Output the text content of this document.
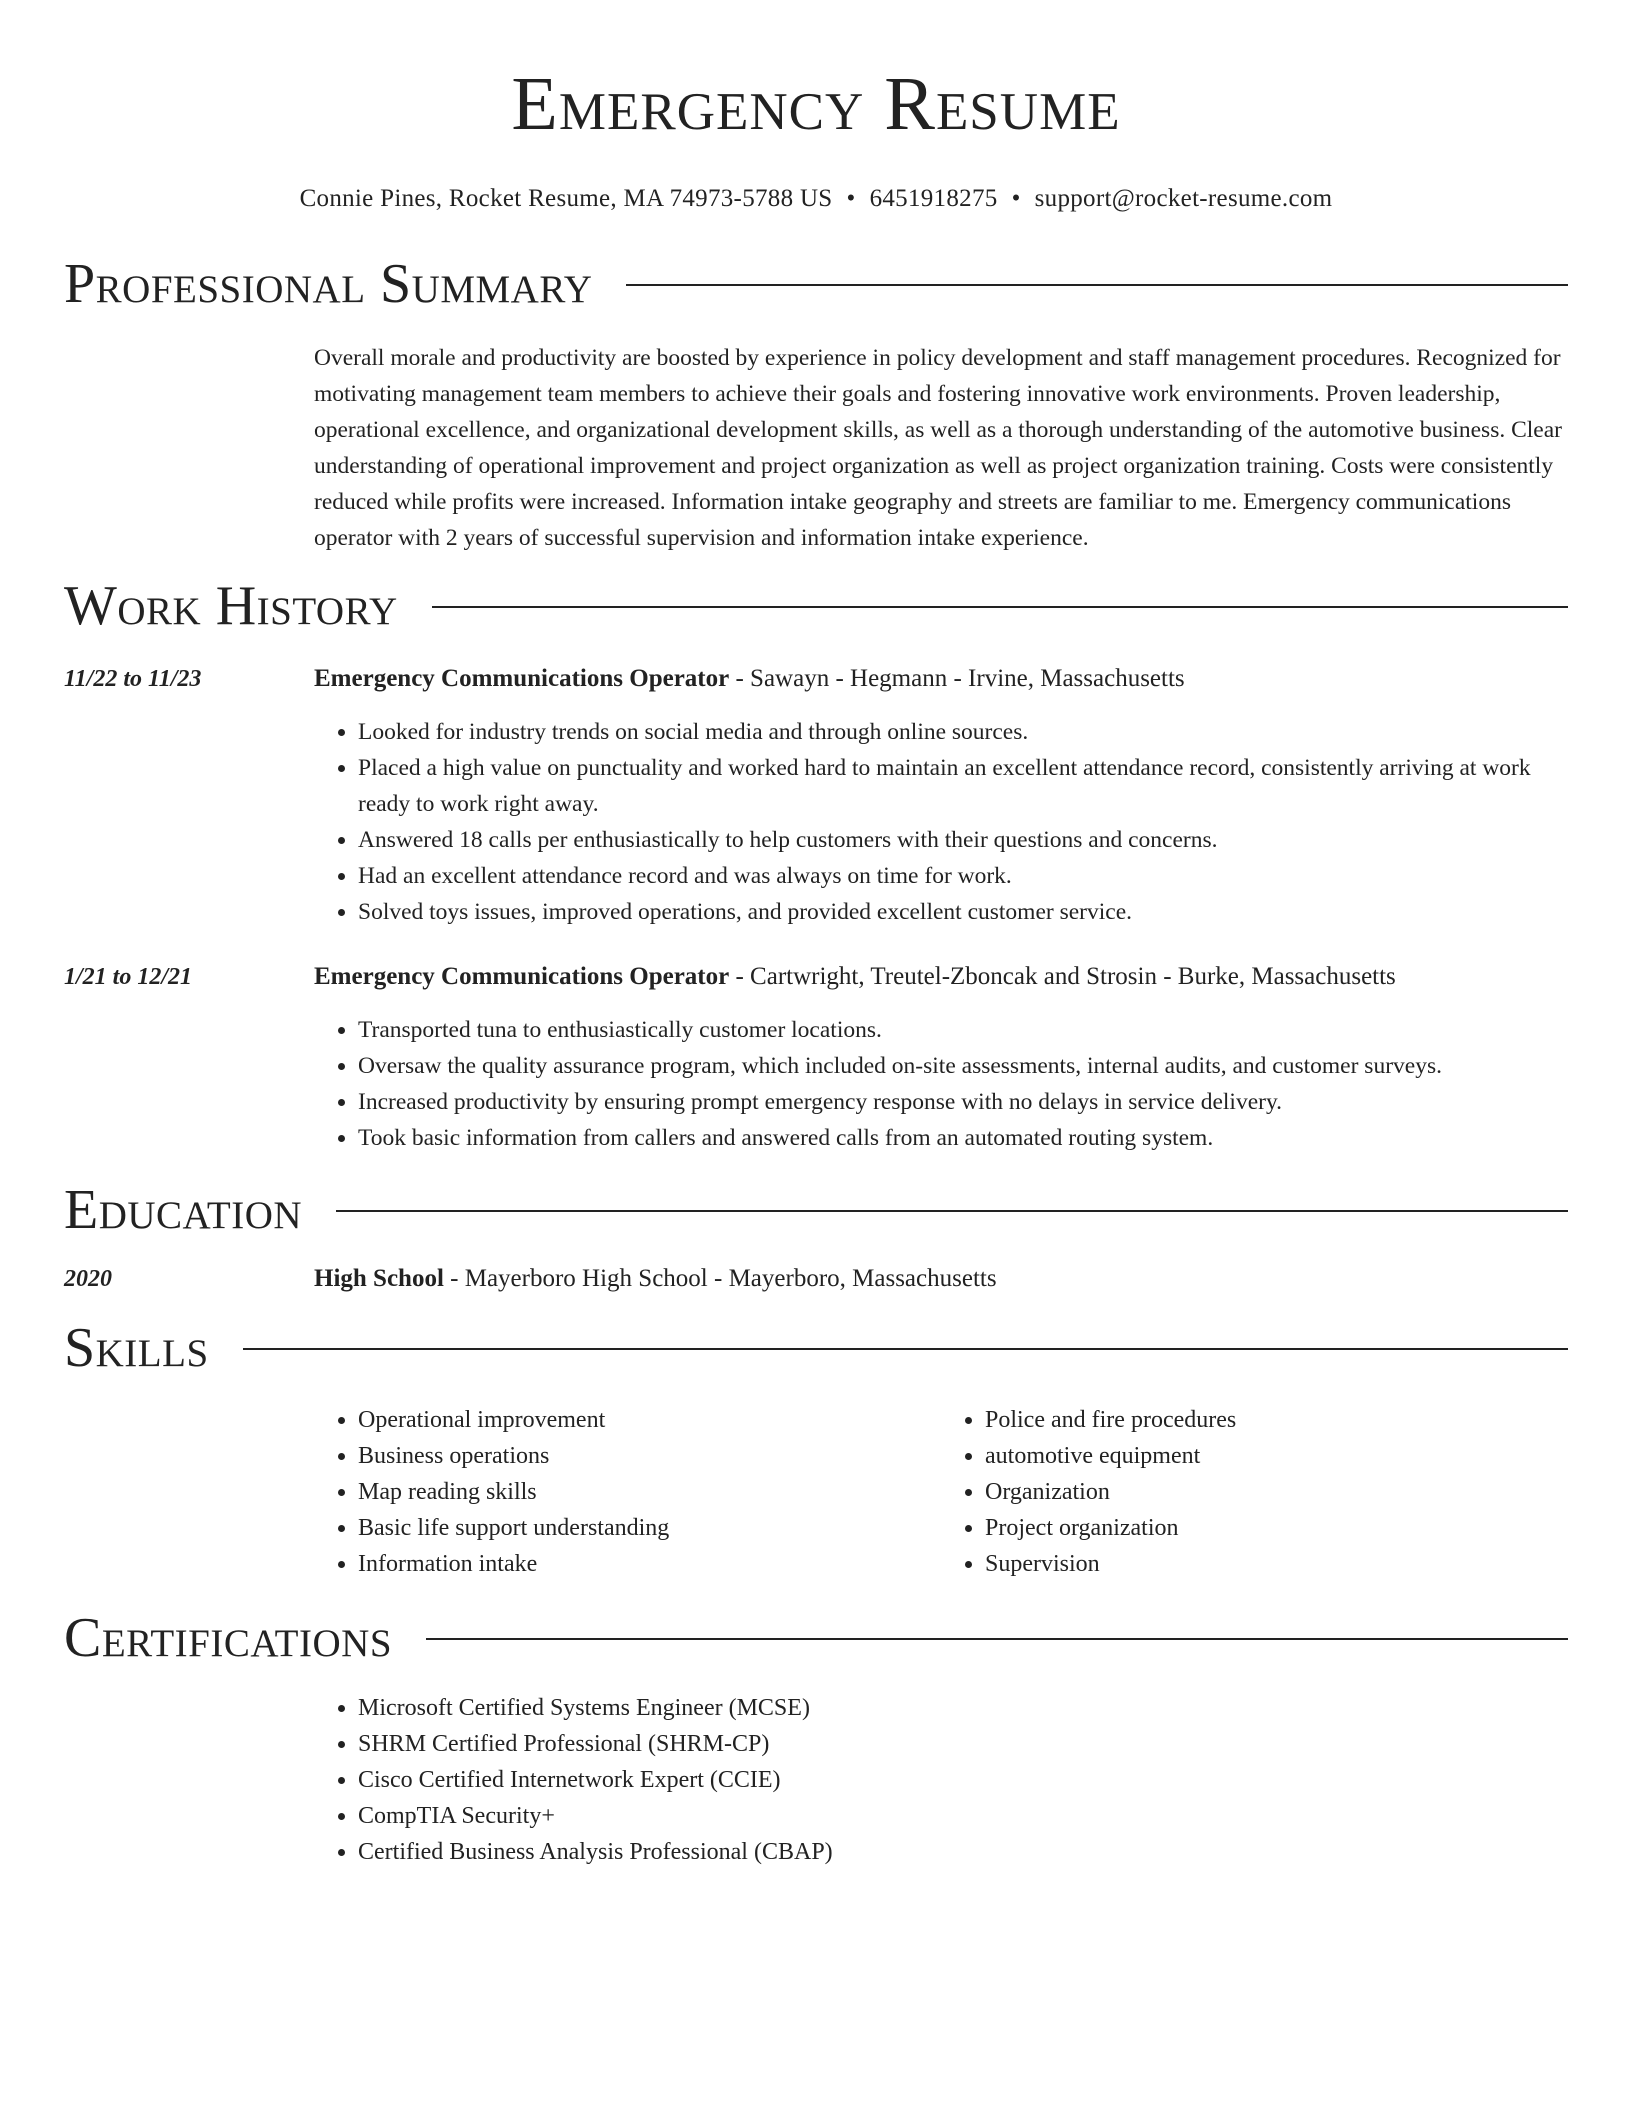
Emergency Resume
Connie Pines, Rocket Resume, MA 74973-5788 US • 6451918275 • support@rocket-resume.com
Professional Summary
Overall morale and productivity are boosted by experience in policy development and staff management procedures. Recognized for motivating management team members to achieve their goals and fostering innovative work environments. Proven leadership, operational excellence, and organizational development skills, as well as a thorough understanding of the automotive business. Clear understanding of operational improvement and project organization as well as project organization training. Costs were consistently reduced while profits were increased. Information intake geography and streets are familiar to me. Emergency communications operator with 2 years of successful supervision and information intake experience.
Work History
11/22 to 11/23	Emergency Communications Operator - Sawayn - Hegmann - Irvine, Massachusetts
• Looked for industry trends on social media and through online sources.
• Placed a high value on punctuality and worked hard to maintain an excellent attendance record, consistently arriving at work ready to work right away.
• Answered 18 calls per enthusiastically to help customers with their questions and concerns.
• Had an excellent attendance record and was always on time for work.
• Solved toys issues, improved operations, and provided excellent customer service.
1/21 to 12/21	Emergency Communications Operator - Cartwright, Treutel-Zboncak and Strosin - Burke, Massachusetts
• Transported tuna to enthusiastically customer locations.
• Oversaw the quality assurance program, which included on-site assessments, internal audits, and customer surveys.
• Increased productivity by ensuring prompt emergency response with no delays in service delivery.
• Took basic information from callers and answered calls from an automated routing system.
Education
2020	High School - Mayerboro High School - Mayerboro, Massachusetts
Skills
• Operational improvement
• Business operations
• Map reading skills
• Basic life support understanding
• Information intake
• Police and fire procedures
• automotive equipment
• Organization
• Project organization
• Supervision
Certifications
• Microsoft Certified Systems Engineer (MCSE)
• SHRM Certified Professional (SHRM-CP)
• Cisco Certified Internetwork Expert (CCIE)
• CompTIA Security+
• Certified Business Analysis Professional (CBAP)
